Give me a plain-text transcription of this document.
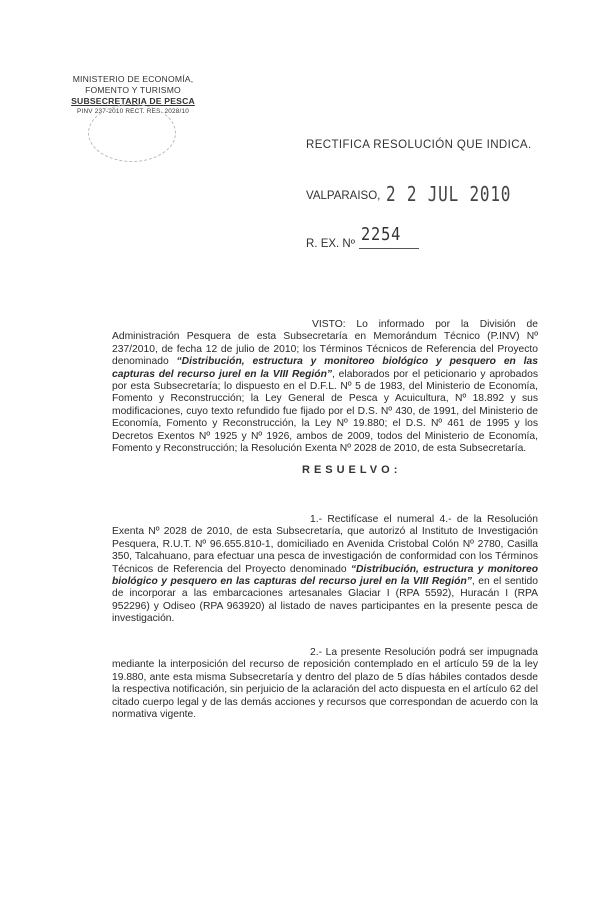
MINISTERIO DE ECONOMÍA,
FOMENTO Y TURISMO
SUBSECRETARIA DE PESCA
PINV 237-2010 RECT. RES. 2028/10
RECTIFICA RESOLUCIÓN QUE INDICA.
VALPARAISO, 2 2 JUL 2010
R. EX. Nº 2254
VISTO: Lo informado por la División de Administración Pesquera de esta Subsecretaría en Memorándum Técnico (P.INV) Nº 237/2010, de fecha 12 de julio de 2010; los Términos Técnicos de Referencia del Proyecto denominado “Distribución, estructura y monitoreo biológico y pesquero en las capturas del recurso jurel en la VIII Región”, elaborados por el peticionario y aprobados por esta Subsecretaría; lo dispuesto en el D.F.L. Nº 5 de 1983, del Ministerio de Economía, Fomento y Reconstrucción; la Ley General de Pesca y Acuicultura, Nº 18.892 y sus modificaciones, cuyo texto refundido fue fijado por el D.S. Nº 430, de 1991, del Ministerio de Economía, Fomento y Reconstrucción, la Ley Nº 19.880; el D.S. Nº 461 de 1995 y los Decretos Exentos Nº 1925 y Nº 1926, ambos de 2009, todos del Ministerio de Economía, Fomento y Reconstrucción; la Resolución Exenta Nº 2028 de 2010, de esta Subsecretaría.
RESUELVO:
1.- Rectifícase el numeral 4.- de la Resolución Exenta Nº 2028 de 2010, de esta Subsecretaría, que autorizó al Instituto de Investigación Pesquera, R.U.T. Nº 96.655.810-1, domiciliado en Avenida Cristobal Colón Nº 2780, Casilla 350, Talcahuano, para efectuar una pesca de investigación de conformidad con los Términos Técnicos de Referencia del Proyecto denominado “Distribución, estructura y monitoreo biológico y pesquero en las capturas del recurso jurel en la VIII Región”, en el sentido de incorporar a las embarcaciones artesanales Glaciar I (RPA 5592), Huracán I (RPA 952296) y Odiseo (RPA 963920) al listado de naves participantes en la presente pesca de investigación.
2.- La presente Resolución podrá ser impugnada mediante la interposición del recurso de reposición contemplado en el artículo 59 de la ley 19.880, ante esta misma Subsecretaría y dentro del plazo de 5 días hábiles contados desde la respectiva notificación, sin perjuicio de la aclaración del acto dispuesta en el artículo 62 del citado cuerpo legal y de las demás acciones y recursos que correspondan de acuerdo con la normativa vigente.
